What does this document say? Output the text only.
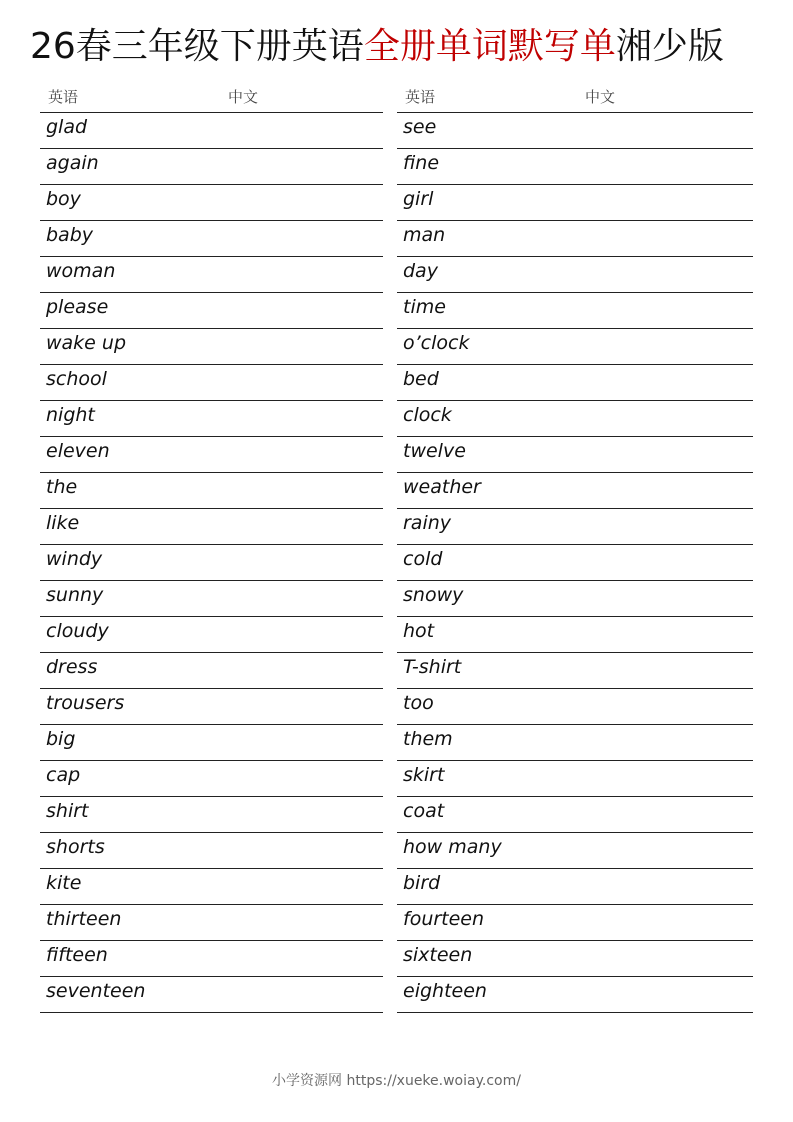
26春三年级下册英语全册单词默写单湘少版
英语	中文
glad
again
boy
baby
woman
please
wake up
school
night
eleven
the
like
windy
sunny
cloudy
dress
trousers
big
cap
shirt
shorts
kite
thirteen
fifteen
seventeen
英语	中文
see
fine
girl
man
day
time
o’clock
bed
clock
twelve
weather
rainy
cold
snowy
hot
T-shirt
too
them
skirt
coat
how many
bird
fourteen
sixteen
eighteen
小学资源网 https://xueke.woiay.com/
